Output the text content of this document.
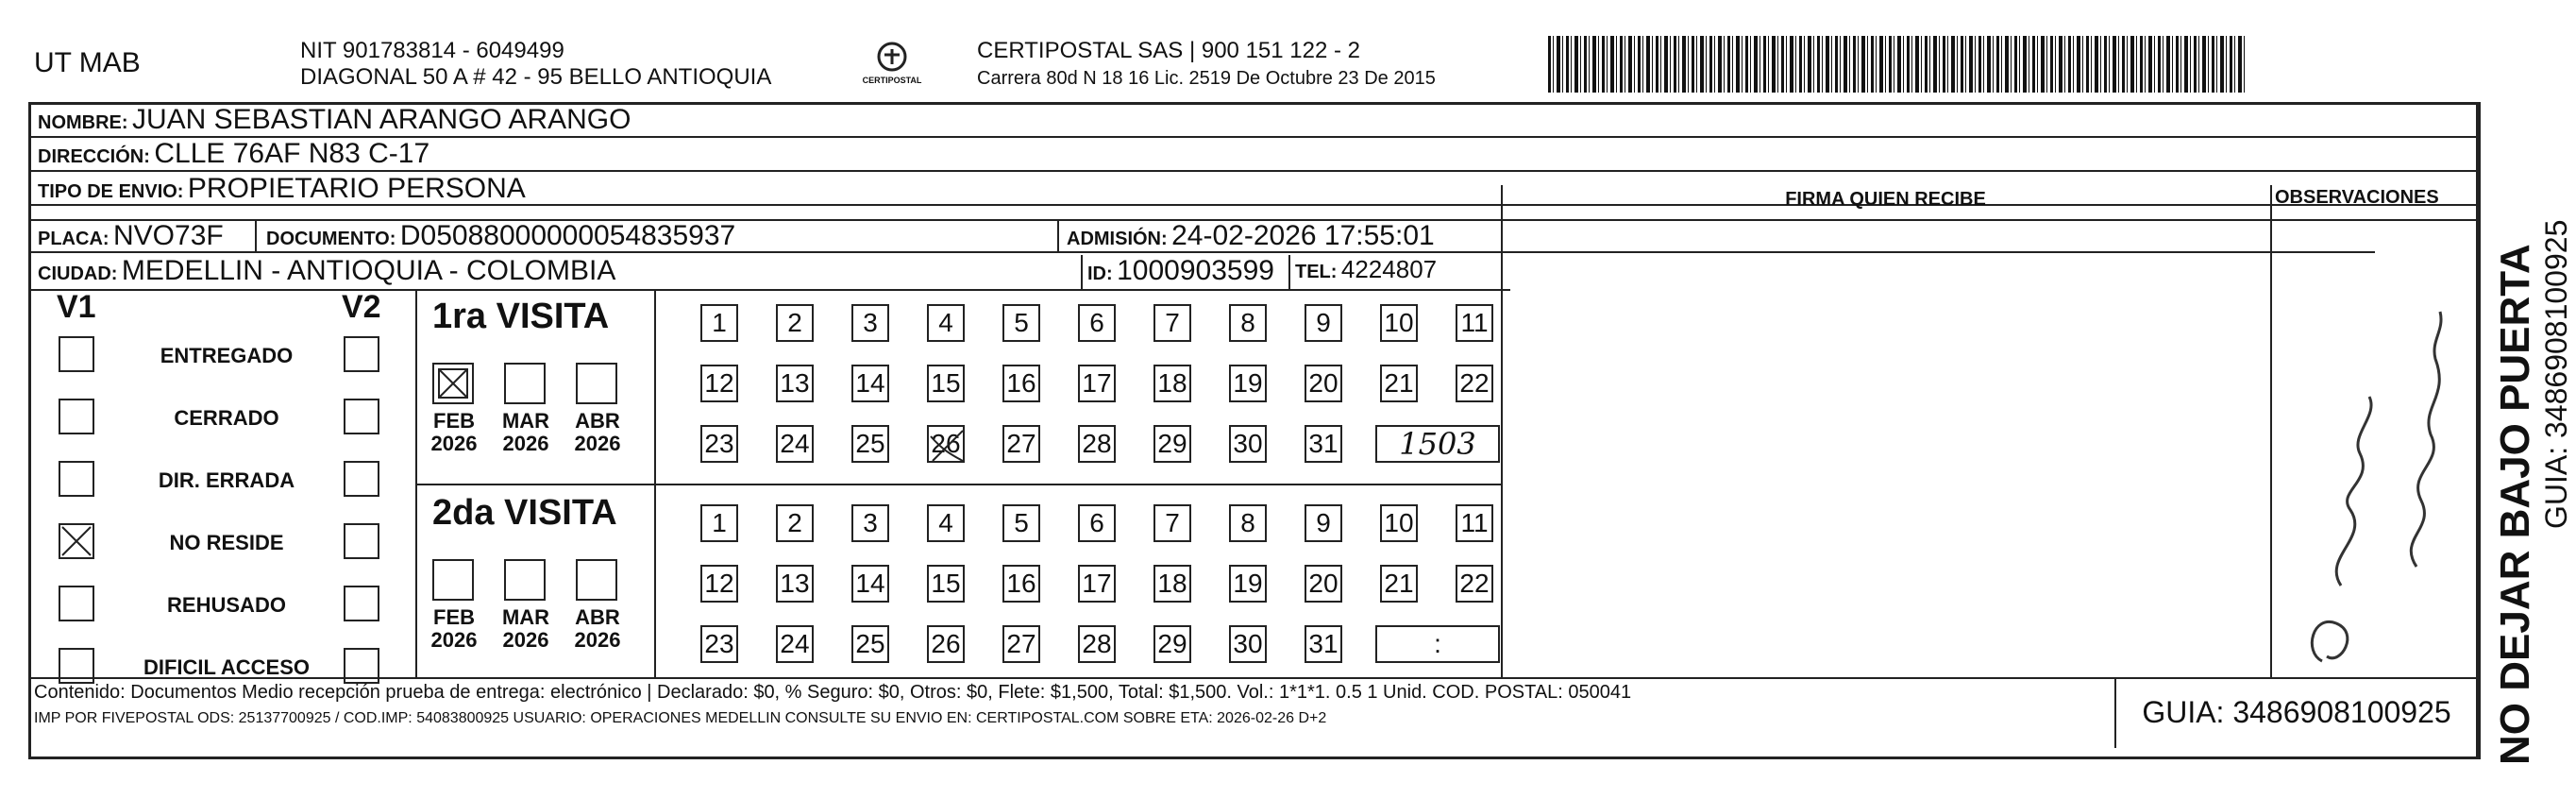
UT MAB	NIT 901783814 - 6049499
DIAGONAL 50 A # 42 - 95 BELLO ANTIOQUIA	CERTIPOSTAL
CERTIPOSTAL SAS | 900 151 122 - 2
Carrera 80d N 18 16 Lic. 2519 De Octubre 23 De 2015
NOMBRE: JUAN SEBASTIAN ARANGO ARANGO
DIRECCIÓN: CLLE 76AF N83 C-17
TIPO DE ENVIO: PROPIETARIO PERSONA
PLACA: NVO73F DOCUMENTO: D05088000000054835937	ADMISIÓN: 24-02-2026 17:55:01
CIUDAD: MEDELLIN - ANTIOQUIA - COLOMBIA	ID: 1000903599 TEL: 4224807
FIRMA QUIEN RECIBE	OBSERVACIONES
NO DEJAR BAJO PUERTA GUIA: 3486908100925
V1	V2
ENTREGADO
CERRADO
DIR. ERRADA
NO RESIDE
REHUSADO
DIFICIL ACCESO
1ra VISITA
2da VISITA
FEB
2026
MAR
2026
ABR
2026
FEB
2026
MAR
2026
ABR
2026
1	2	3	4	5	6	7	8	9	10 11
12 13 14 15 16 17 18 19 20 21 22
23 24 25 26 27 28 29 30 31	1503
1	2	3	4	5	6	7	8	9	10 11
12 13 14 15 16 17 18 19 20 21 22
23 24 25 26 27 28 29 30 31	:
Contenido: Documentos Medio recepción prueba de entrega: electrónico | Declarado: $0, % Seguro: $0, Otros: $0, Flete: $1,500, Total: $1,500. Vol.: 1*1*1. 0.5 1 Unid. COD. POSTAL: 050041
IMP POR FIVEPOSTAL ODS: 25137700925 / COD.IMP: 54083800925 USUARIO: OPERACIONES MEDELLIN CONSULTE SU ENVIO EN: CERTIPOSTAL.COM SOBRE ETA: 2026-02-26 D+2	GUIA: 3486908100925
